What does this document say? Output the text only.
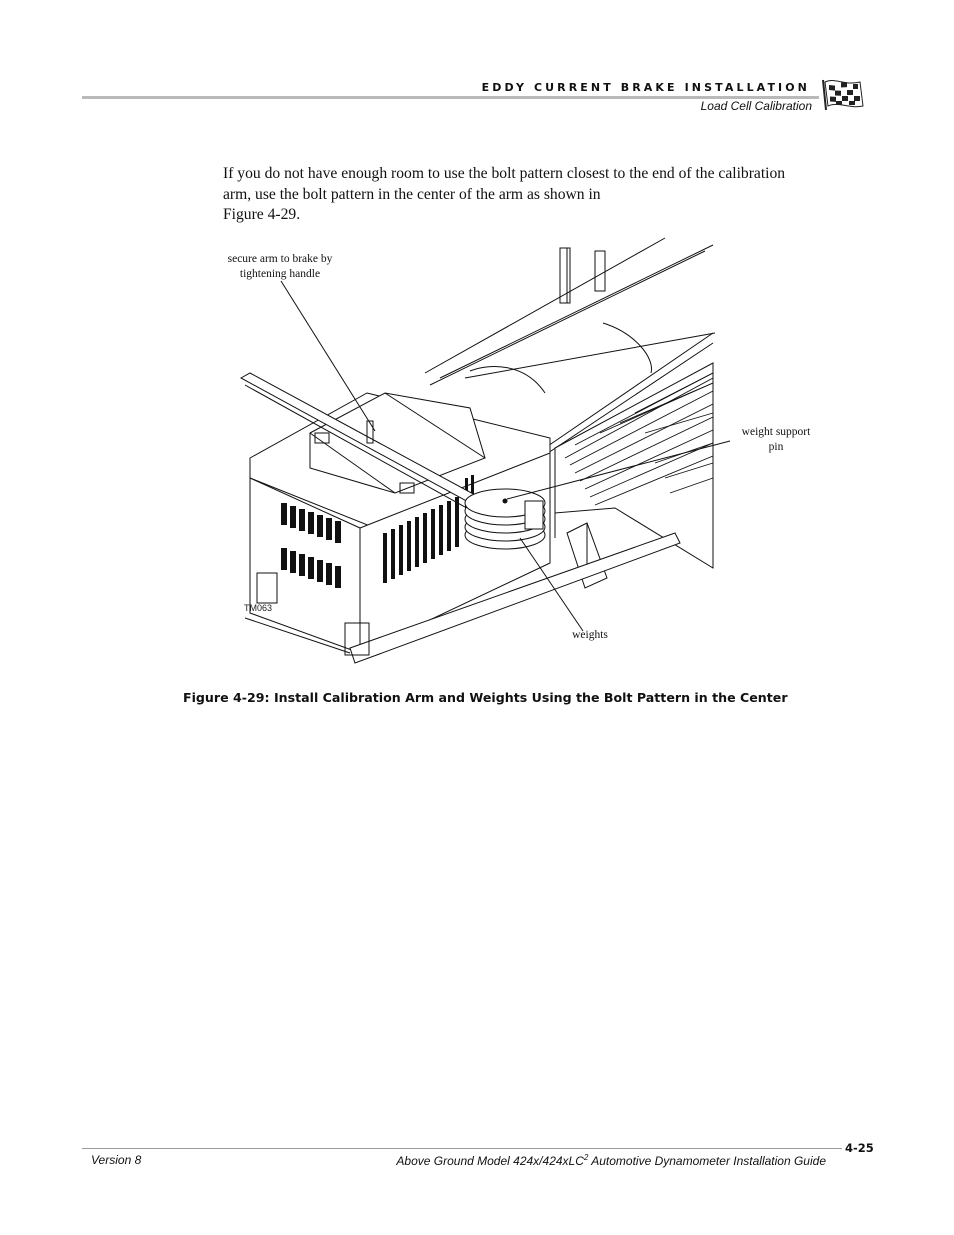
EDDY CURRENT BRAKE INSTALLATION
Load Cell Calibration

If you do not have enough room to use the bolt pattern closest to the end of the calibration arm, use the bolt pattern in the center of the arm as shown in
Figure 4-29.

secure arm to brake by
tightening handle
weight support
pin
weights
TM063
Figure 4-29: Install Calibration Arm and Weights Using the Bolt Pattern in the Center
4-25
Version 8	Above Ground Model 424x/424xLC$^2$ Automotive Dynamometer Installation Guide
